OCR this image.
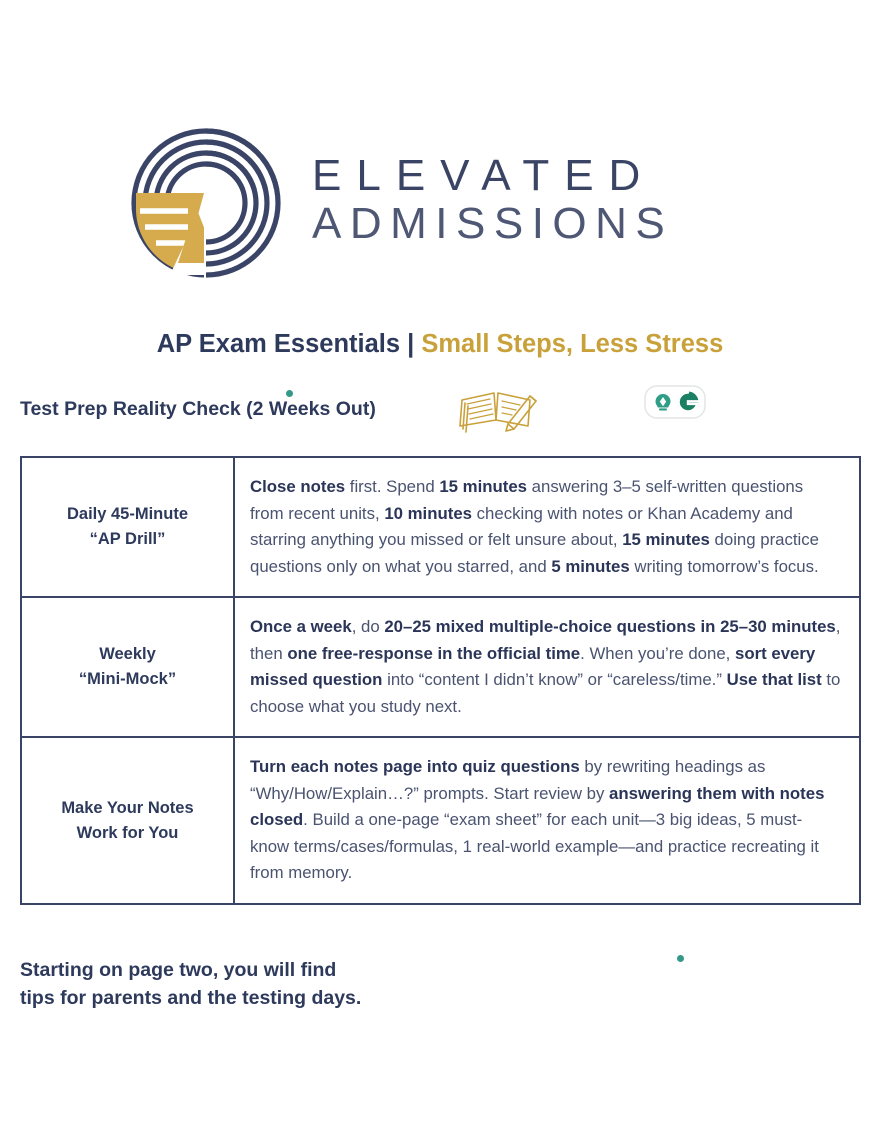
ELEVATED
ADMISSIONS
AP Exam Essentials | Small Steps, Less Stress
Test Prep Reality Check (2 Weeks Out)
Daily 45-Minute
“AP Drill”
Close notes first. Spend 15 minutes answering 3–5 self-written questions from recent units, 10 minutes checking with notes or Khan Academy and starring anything you missed or felt unsure about, 15 minutes doing practice questions only on what you starred, and 5 minutes writing tomorrow’s focus.
Weekly
“Mini-Mock”
Once a week, do 20–25 mixed multiple-choice questions in 25–30 minutes, then one free-response in the official time. When you’re done, sort every missed question into “content I didn’t know” or “careless/time.” Use that list to choose what you study next.
Make Your Notes
Work for You
Turn each notes page into quiz questions by rewriting headings as “Why/How/Explain…?” prompts. Start review by answering them with notes closed. Build a one-page “exam sheet” for each unit—3 big ideas, 5 must-know terms/cases/formulas, 1 real-world example—and practice recreating it from memory.
Starting on page two, you will find
tips for parents and the testing days.
